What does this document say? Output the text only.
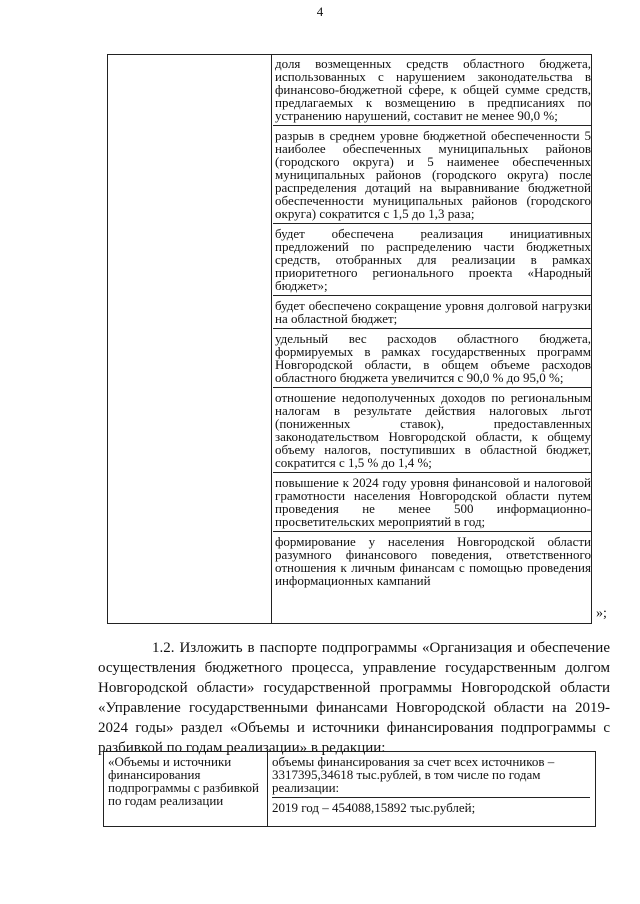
4
доля возмещенных средств областного бюджета, использованных с нарушением законодательства в финансово-бюджетной сфере, к общей сумме средств, предлагаемых к возмещению в предписаниях по устранению нарушений, составит не менее 90,0 %;
разрыв в среднем уровне бюджетной обеспеченности 5 наиболее обеспеченных муниципальных районов (городского округа) и 5 наименее обеспеченных муниципальных районов (городского округа) после распределения дотаций на выравнивание бюджетной обеспеченности муниципальных районов (городского округа) сократится с 1,5 до 1,3 раза;
будет обеспечена реализация инициативных предложений по распределению части бюджетных средств, отобранных для реализации в рамках приоритетного регионального проекта «Народный бюджет»;
будет обеспечено сокращение уровня долговой нагрузки на областной бюджет;
удельный вес расходов областного бюджета, формируемых в рамках государственных программ Новгородской области, в общем объеме расходов областного бюджета увеличится с 90,0 % до 95,0 %;
отношение недополученных доходов по региональным налогам в результате действия налоговых льгот (пониженных ставок), предоставленных законодательством Новгородской области, к общему объему налогов, поступивших в областной бюджет, сократится с 1,5 % до 1,4 %;
повышение к 2024 году уровня финансовой и налоговой грамотности населения Новгородской области путем проведения не менее 500 информационно-просветительских мероприятий в год;
формирование у населения Новгородской области разумного финансового поведения, ответственного отношения к личным финансам с помощью проведения информационных кампаний
»;
1.2. Изложить в паспорте подпрограммы «Организация и обеспечение осуществления бюджетного процесса, управление государственным долгом Новгородской области» государственной программы Новгородской области «Управление государственными финансами Новгородской области на 2019-2024 годы» раздел «Объемы и источники финансирования подпрограммы с разбивкой по годам реализации» в редакции:
«Объемы и источники финансирования подпрограммы с разбивкой по годам реализации
объемы финансирования за счет всех источников – 3317395,34618 тыс.рублей, в том числе по годам реализации:
2019 год – 454088,15892 тыс.рублей;
